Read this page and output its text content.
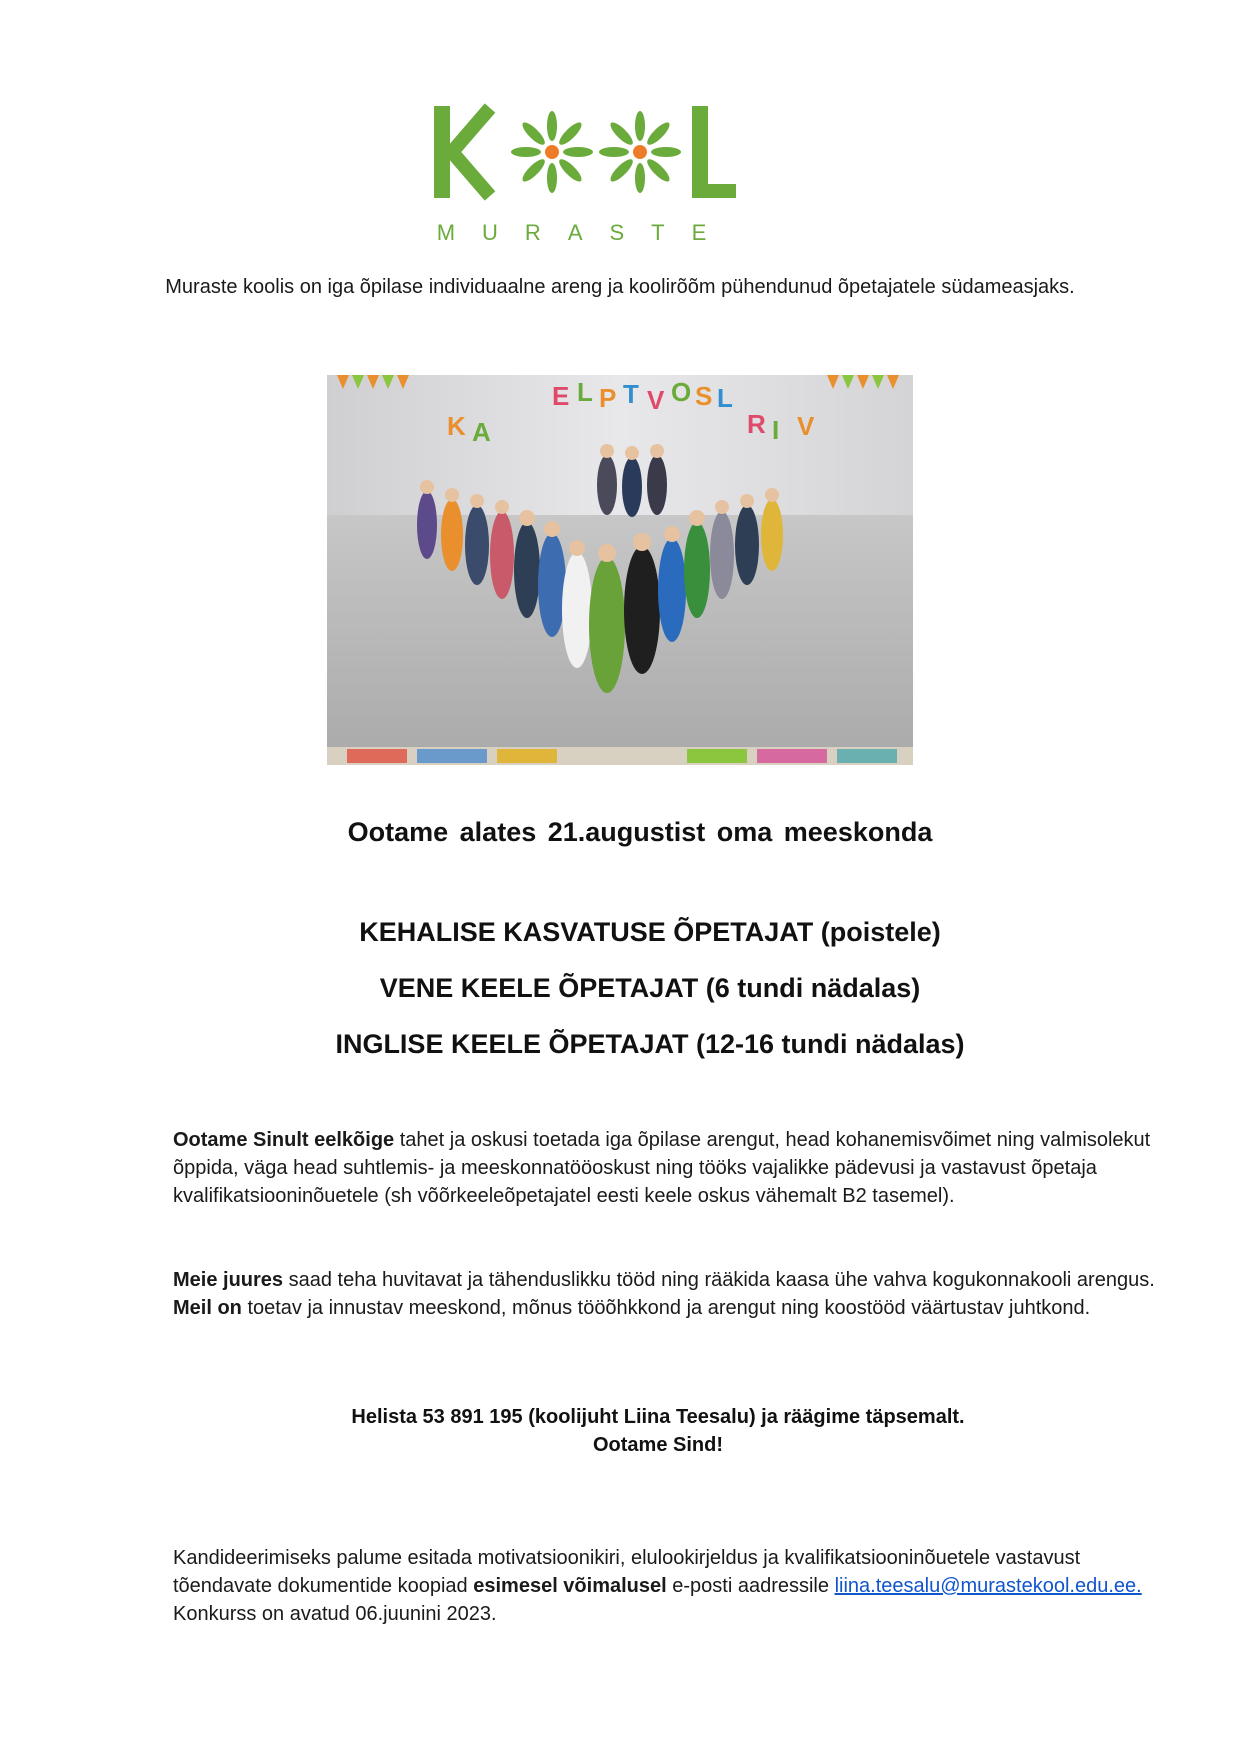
MURASTE
Muraste koolis on iga õpilase individuaalne areng ja koolirõõm pühendunud õpetajatele südameasjaks.
E L P T V O S L
K A	R I V
Ootame alates 21.augustist oma meeskonda
KEHALISE KASVATUSE ÕPETAJAT (poistele)
VENE KEELE ÕPETAJAT (6 tundi nädalas)
INGLISE KEELE ÕPETAJAT (12-16 tundi nädalas)
Ootame Sinult eelkõige tahet ja oskusi toetada iga õpilase arengut, head kohanemisvõimet ning valmisolekut õppida, väga head suhtlemis- ja meeskonnatööoskust ning tööks vajalikke pädevusi ja vastavust õpetaja kvalifikatsiooninõuetele (sh võõrkeeleõpetajatel eesti keele oskus vähemalt B2 tasemel).
Meie juures saad teha huvitavat ja tähenduslikku tööd ning rääkida kaasa ühe vahva kogukonnakooli arengus. Meil on toetav ja innustav meeskond, mõnus tööõhkkond ja arengut ning koostööd väärtustav juhtkond.
Helista 53 891 195 (koolijuht Liina Teesalu) ja räägime täpsemalt.
Ootame Sind!
Kandideerimiseks palume esitada motivatsioonikiri, elulookirjeldus ja kvalifikatsiooninõuetele vastavust tõendavate dokumentide koopiad esimesel võimalusel e-posti aadressile liina.teesalu@murastekool.edu.ee. Konkurss on avatud 06.juunini 2023.
